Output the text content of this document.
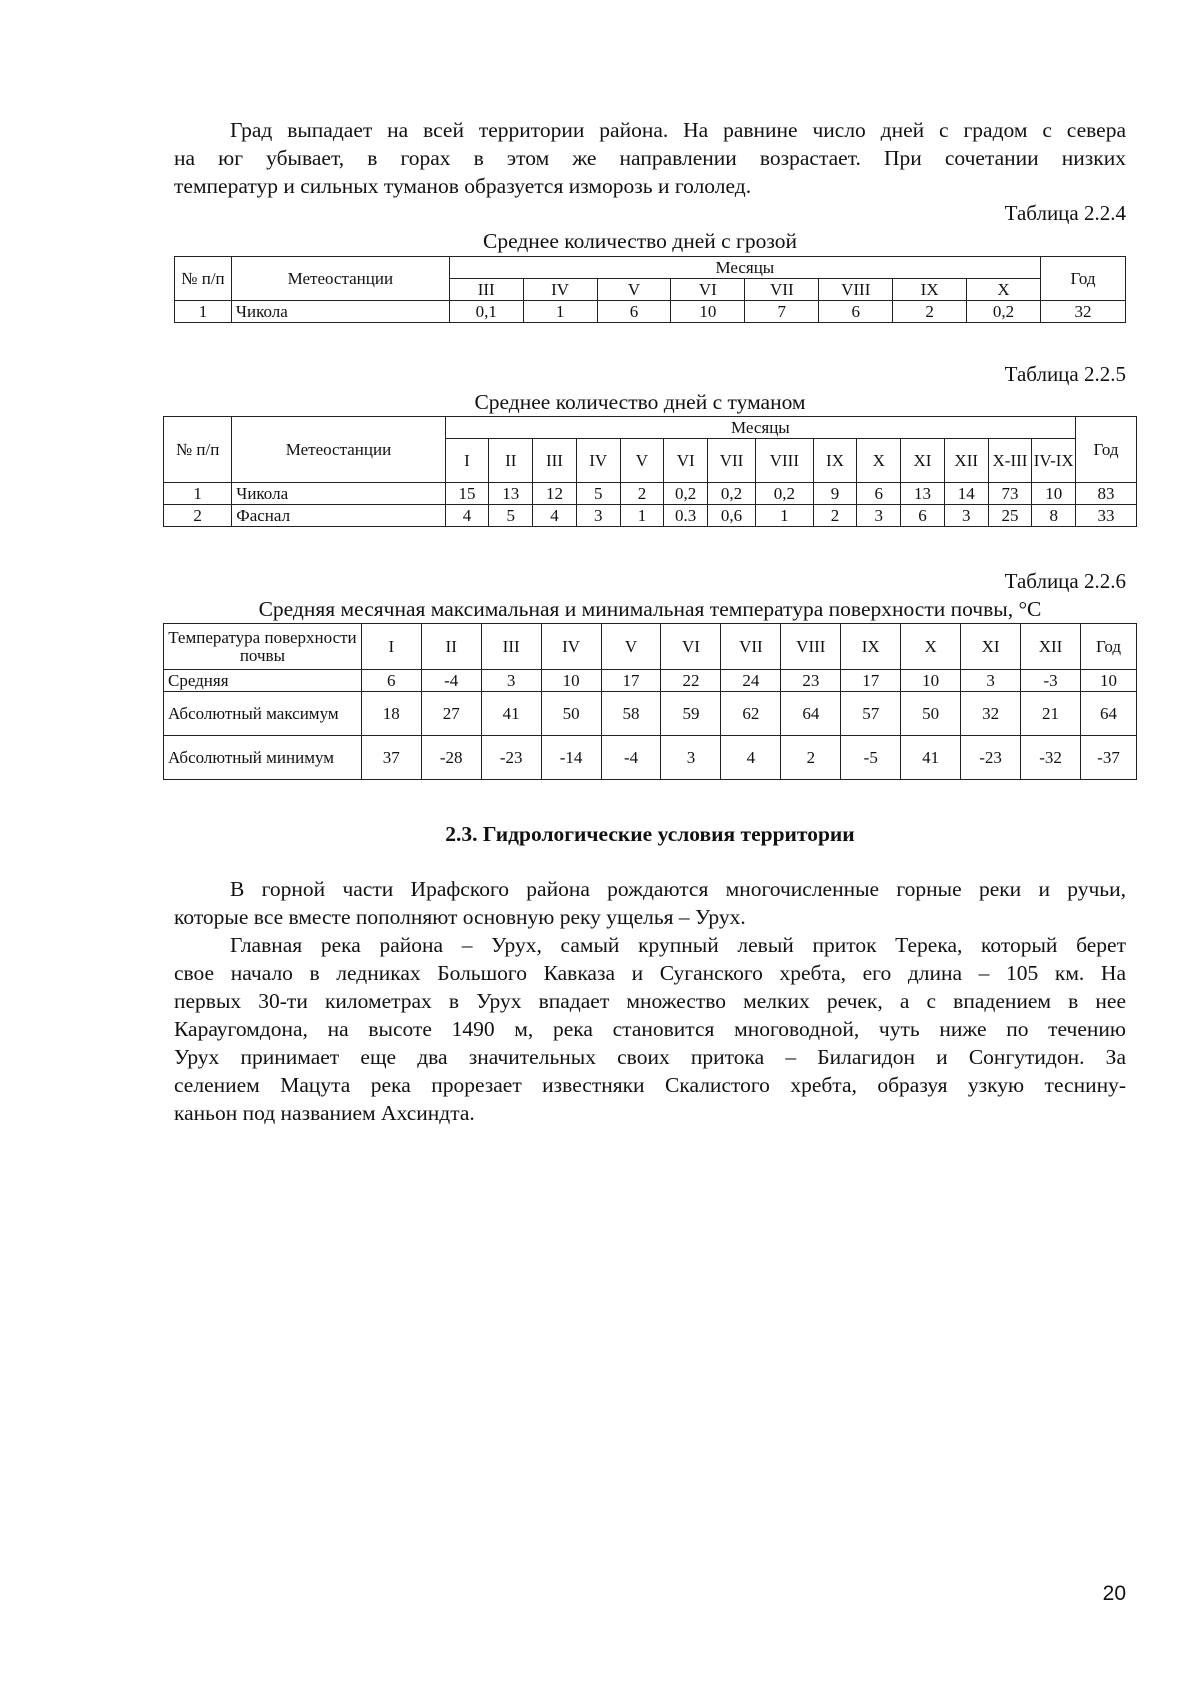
Град выпадает на всей территории района. На равнине число дней с градом с севера
на юг убывает, в горах в этом же направлении возрастает. При сочетании низких
температур и сильных туманов образуется изморозь и гололед.
Таблица 2.2.4
Среднее количество дней с грозой
№ п/п	Метеостанции	Месяцы								Год
		III	IV	V	VI	VII	VIII	IX	X	
1	Чикола	0,1	1	6	10	7	6	2	0,2	32
Таблица 2.2.5
Среднее количество дней с туманом
№ п/п	Метеостанции	Месяцы														Год
		I	II	III	IV	V	VI	VII	VIII	IX	X	XI	XII	X-III	IV-IX	
1	Чикола	15	13	12	5	2	0,2	0,2	0,2	9	6	13	14	73	10	83
2	Фаснал	4	5	4	3	1	0.3	0,6	1	2	3	6	3	25	8	33
Таблица 2.2.6
Средняя месячная максимальная и минимальная температура поверхности почвы, °С
Температура поверхности почвы	I	II	III	IV	V	VI	VII	VIII	IX	X	XI	XII	Год
Средняя	6	-4	3	10	17	22	24	23	17	10	3	-3	10
Абсолютный максимум	18	27	41	50	58	59	62	64	57	50	32	21	64
Абсолютный минимум	37	-28	-23	-14	-4	3	4	2	-5	41	-23	-32	-37
2.3. Гидрологические условия территории
В горной части Ирафского района рождаются многочисленные горные реки и ручьи,
которые все вместе пополняют основную реку ущелья – Урух.
Главная река района – Урух, самый крупный левый приток Терека, который берет
свое начало в ледниках Большого Кавказа и Суганского хребта, его длина – 105 км. На
первых 30-ти километрах в Урух впадает множество мелких речек, а с впадением в нее
Караугомдона, на высоте 1490 м, река становится многоводной, чуть ниже по течению
Урух принимает еще два значительных своих притока – Билагидон и Сонгутидон. За
селением Мацута река прорезает известняки Скалистого хребта, образуя узкую теснину-
каньон под названием Ахсиндта.
20
